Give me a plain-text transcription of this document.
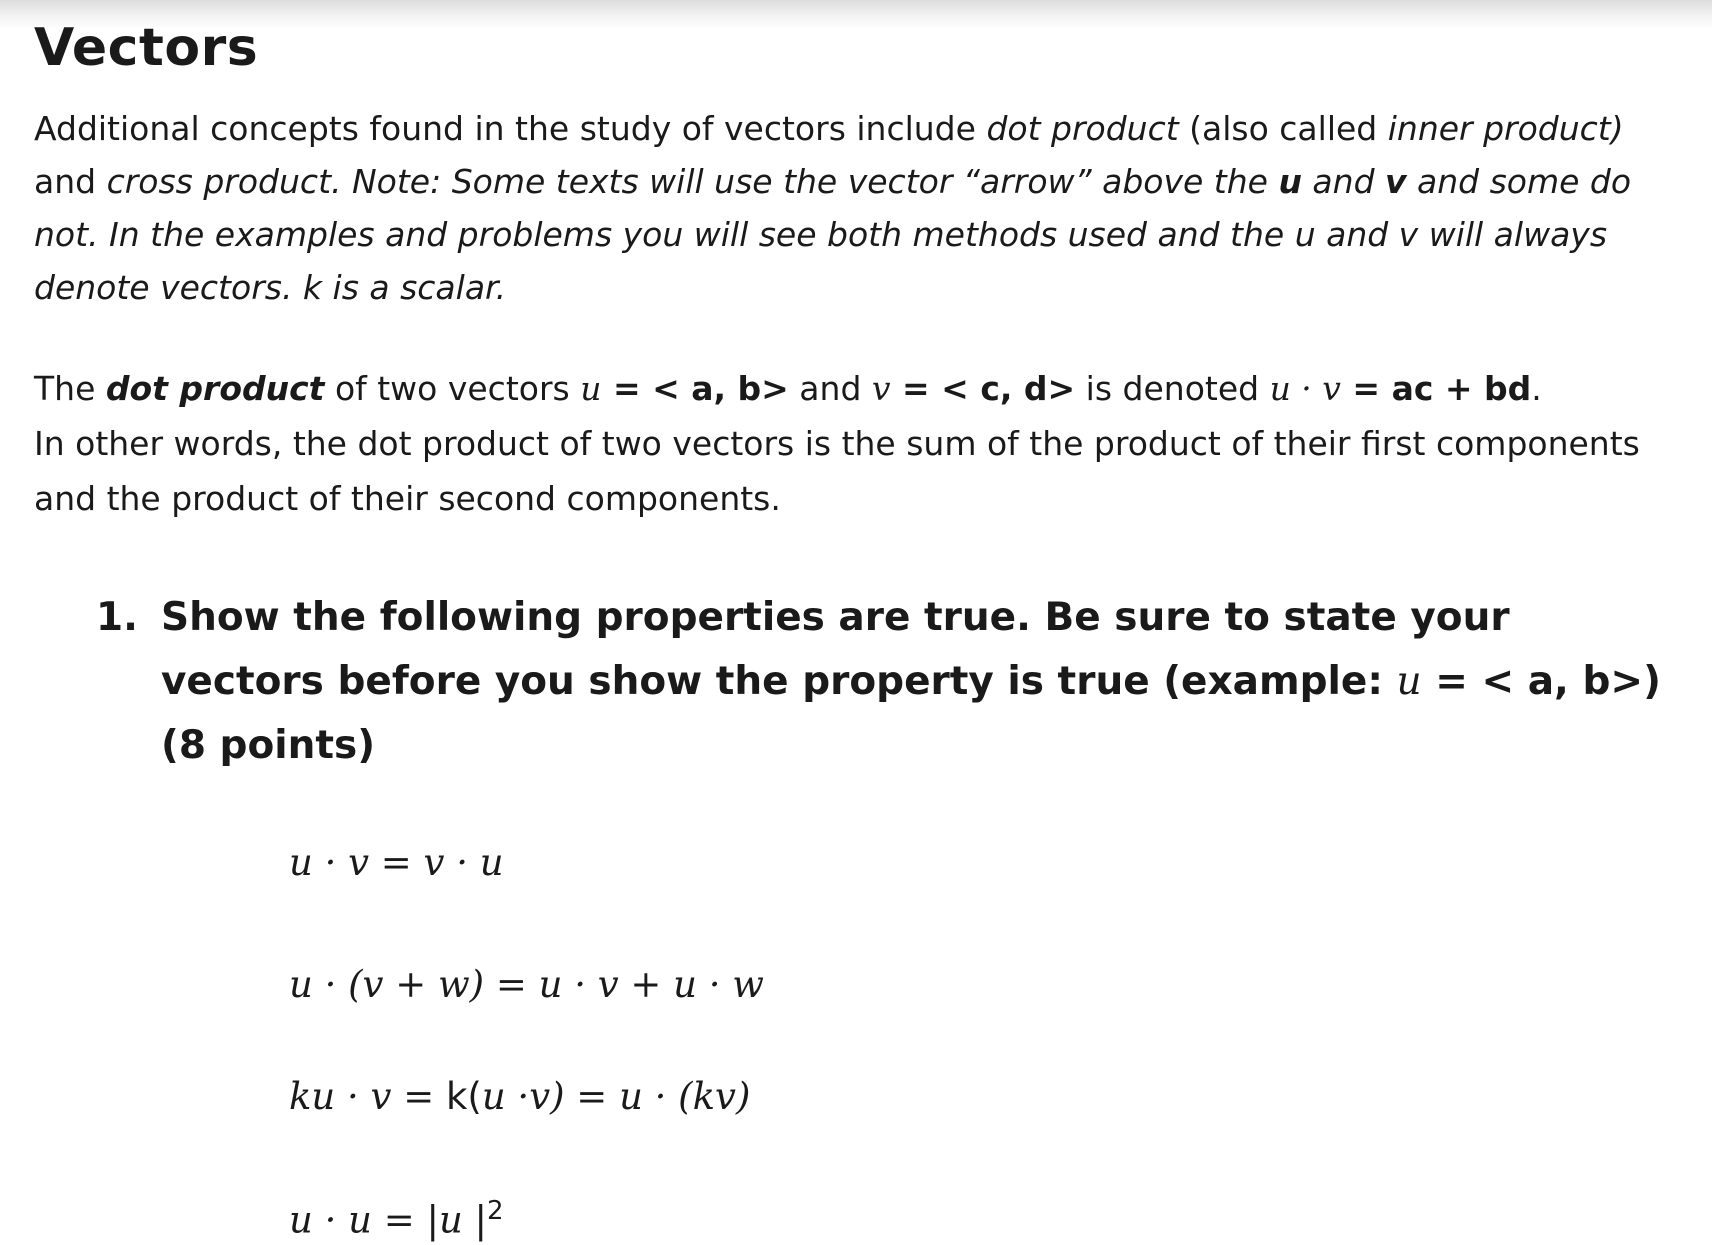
Vectors

Additional concepts found in the study of vectors include dot product (also called inner product) and cross product. Note: Some texts will use the vector “arrow” above the u and v and some do not. In the examples and problems you will see both methods used and the u and v will always denote vectors. k is a scalar.

The dot product of two vectors u = < a, b> and v = < c, d> is denoted u · v = ac + bd.
In other words, the dot product of two vectors is the sum of the product of their first components and the product of their second components.

1. Show the following properties are true. Be sure to state your vectors before you show the property is true (example: u = < a, b>) (8 points)
u · v = v · u
u · (v + w) = u · v + u · w
ku · v = k(u ·v) = u · (kv)
u · u = |u $|^2$
